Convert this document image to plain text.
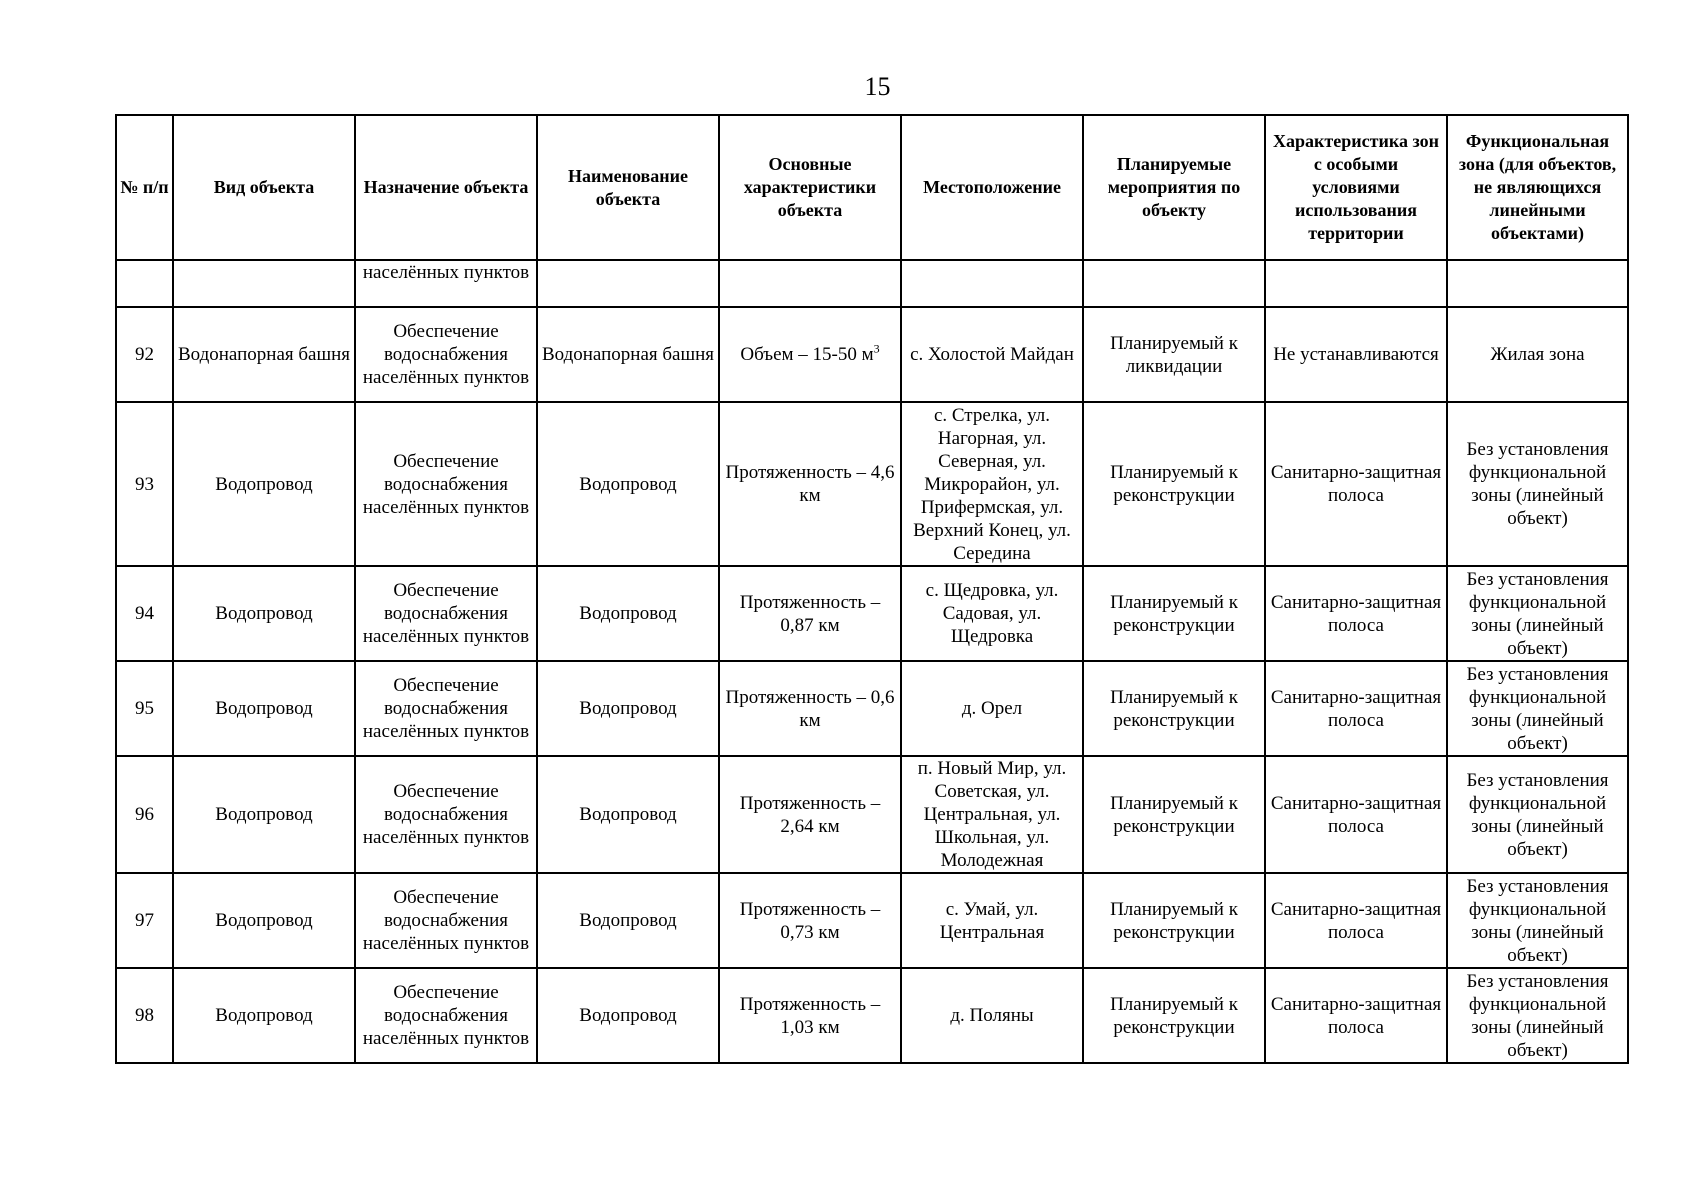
15
№ п/п	Вид объекта	Назначение объекта	Наименование объекта	Основные характеристики объекта	Местоположение	Планируемые мероприятия по объекту	Характеристика зон с особыми условиями использования территории	Функциональная зона (для объектов, не являющихся линейными объектами)
		населённых пунктов						
92	Водонапорная башня	Обеспечение водоснабжения населённых пунктов	Водонапорная башня	Объем – 15-50 $м^3$	с. Холостой Майдан	Планируемый к ликвидации	Не устанавливаются	Жилая зона
93	Водопровод	Обеспечение водоснабжения населённых пунктов	Водопровод	Протяженность – 4,6 км	с. Стрелка, ул. Нагорная, ул. Северная, ул. Микрорайон, ул. Прифермская, ул. Верхний Конец, ул. Середина	Планируемый к реконструкции	Санитарно-защитная полоса	Без установления функциональной зоны (линейный объект)
94	Водопровод	Обеспечение водоснабжения населённых пунктов	Водопровод	Протяженность – 0,87 км	с. Щедровка, ул. Садовая, ул. Щедровка	Планируемый к реконструкции	Санитарно-защитная полоса	Без установления функциональной зоны (линейный объект)
95	Водопровод	Обеспечение водоснабжения населённых пунктов	Водопровод	Протяженность – 0,6 км	д. Орел	Планируемый к реконструкции	Санитарно-защитная полоса	Без установления функциональной зоны (линейный объект)
96	Водопровод	Обеспечение водоснабжения населённых пунктов	Водопровод	Протяженность – 2,64 км	п. Новый Мир, ул. Советская, ул. Центральная, ул. Школьная, ул. Молодежная	Планируемый к реконструкции	Санитарно-защитная полоса	Без установления функциональной зоны (линейный объект)
97	Водопровод	Обеспечение водоснабжения населённых пунктов	Водопровод	Протяженность – 0,73 км	с. Умай, ул. Центральная	Планируемый к реконструкции	Санитарно-защитная полоса	Без установления функциональной зоны (линейный объект)
98	Водопровод	Обеспечение водоснабжения населённых пунктов	Водопровод	Протяженность – 1,03 км	д. Поляны	Планируемый к реконструкции	Санитарно-защитная полоса	Без установления функциональной зоны (линейный объект)
